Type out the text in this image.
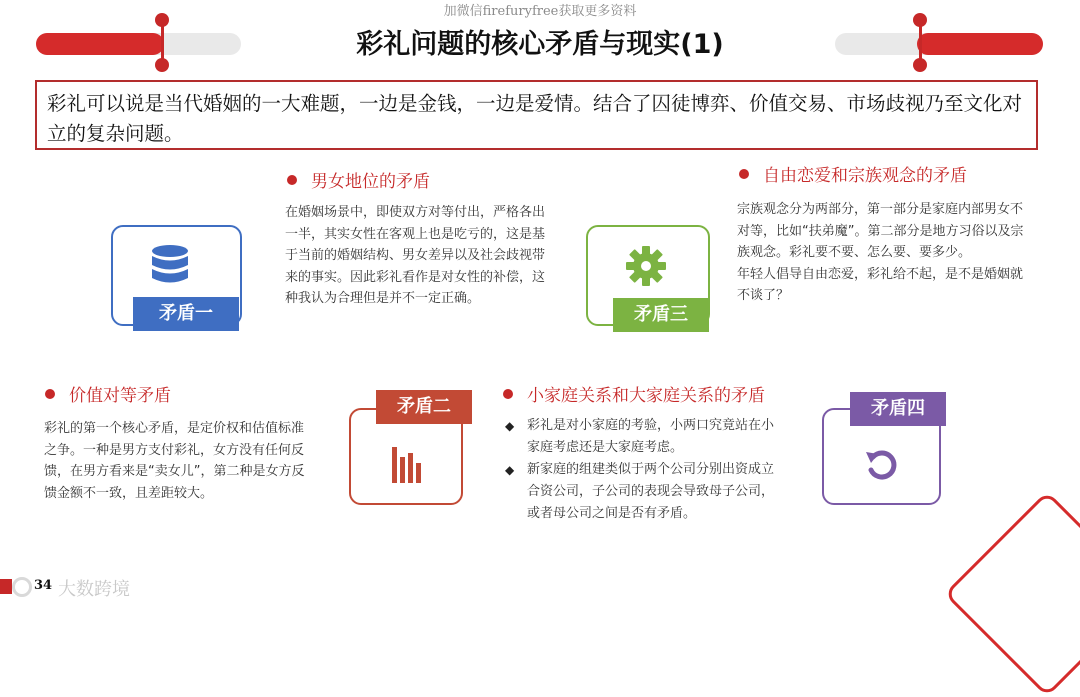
加微信firefuryfree获取更多资料
彩礼问题的核心矛盾与现实(1)
彩礼可以说是当代婚姻的一大难题，一边是金钱，一边是爱情。结合了囚徒博弈、价值交易、市场歧视乃至文化对立的复杂问题。
男女地位的矛盾
在婚姻场景中，即使双方对等付出，严格各出一半，其实女性在客观上也是吃亏的，这是基于当前的婚姻结构、男女差异以及社会歧视带来的事实。因此彩礼看作是对女性的补偿，这种我认为合理但是并不一定正确。
矛盾一	矛盾三
自由恋爱和宗族观念的矛盾

宗族观念分为两部分，第一部分是家庭内部男女不对等，比如“扶弟魔”。第二部分是地方习俗以及宗族观念。彩礼要不要、怎么要、要多少。

年轻人倡导自由恋爱，彩礼给不起，是不是婚姻就不谈了？

价值对等矛盾
彩礼的第一个核心矛盾，是定价权和估值标准之争。一种是男方支付彩礼，女方没有任何反馈，在男方看来是“卖女儿”，第二种是女方反馈金额不一致，且差距较大。
矛盾二	小家庭关系和大家庭关系的矛盾
◆ 彩礼是对小家庭的考验，小两口究竟站在小家庭考虑还是大家庭考虑。
◆ 新家庭的组建类似于两个公司分别出资成立合资公司，子公司的表现会导致母子公司，或者母公司之间是否有矛盾。
矛盾四
34 大数跨境
